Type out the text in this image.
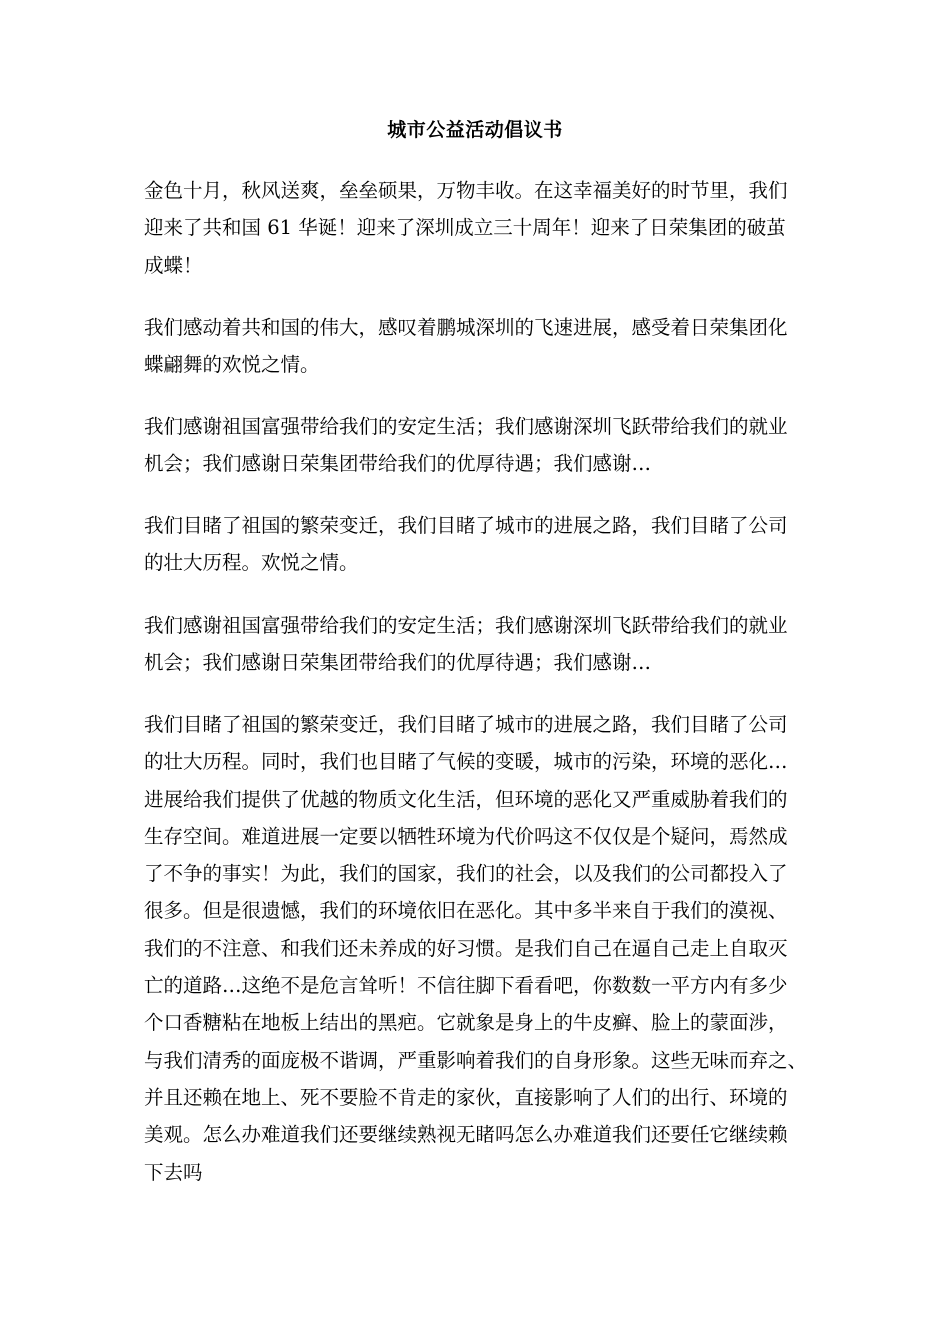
城市公益活动倡议书

金色十月，秋风送爽，垒垒硕果，万物丰收。在这幸福美好的时节里，我们
迎来了共和国 61 华诞！迎来了深圳成立三十周年！迎来了日荣集团的破茧
成蝶！

我们感动着共和国的伟大，感叹着鹏城深圳的飞速进展，感受着日荣集团化
蝶翩舞的欢悦之情。

我们感谢祖国富强带给我们的安定生活；我们感谢深圳飞跃带给我们的就业
机会；我们感谢日荣集团带给我们的优厚待遇；我们感谢…

我们目睹了祖国的繁荣变迁，我们目睹了城市的进展之路，我们目睹了公司
的壮大历程。欢悦之情。

我们感谢祖国富强带给我们的安定生活；我们感谢深圳飞跃带给我们的就业
机会；我们感谢日荣集团带给我们的优厚待遇；我们感谢…

我们目睹了祖国的繁荣变迁，我们目睹了城市的进展之路，我们目睹了公司
的壮大历程。同时，我们也目睹了气候的变暖，城市的污染，环境的恶化…
进展给我们提供了优越的物质文化生活，但环境的恶化又严重威胁着我们的
生存空间。难道进展一定要以牺牲环境为代价吗这不仅仅是个疑问，焉然成
了不争的事实！为此，我们的国家，我们的社会，以及我们的公司都投入了
很多。但是很遗憾，我们的环境依旧在恶化。其中多半来自于我们的漠视、
我们的不注意、和我们还未养成的好习惯。是我们自己在逼自己走上自取灭
亡的道路…这绝不是危言耸听！不信往脚下看看吧，你数数一平方内有多少
个口香糖粘在地板上结出的黑疤。它就象是身上的牛皮癣、脸上的蒙面涉，
与我们清秀的面庞极不谐调，严重影响着我们的自身形象。这些无味而弃之、
并且还赖在地上、死不要脸不肯走的家伙，直接影响了人们的出行、环境的
美观。怎么办难道我们还要继续熟视无睹吗怎么办难道我们还要任它继续赖
下去吗
